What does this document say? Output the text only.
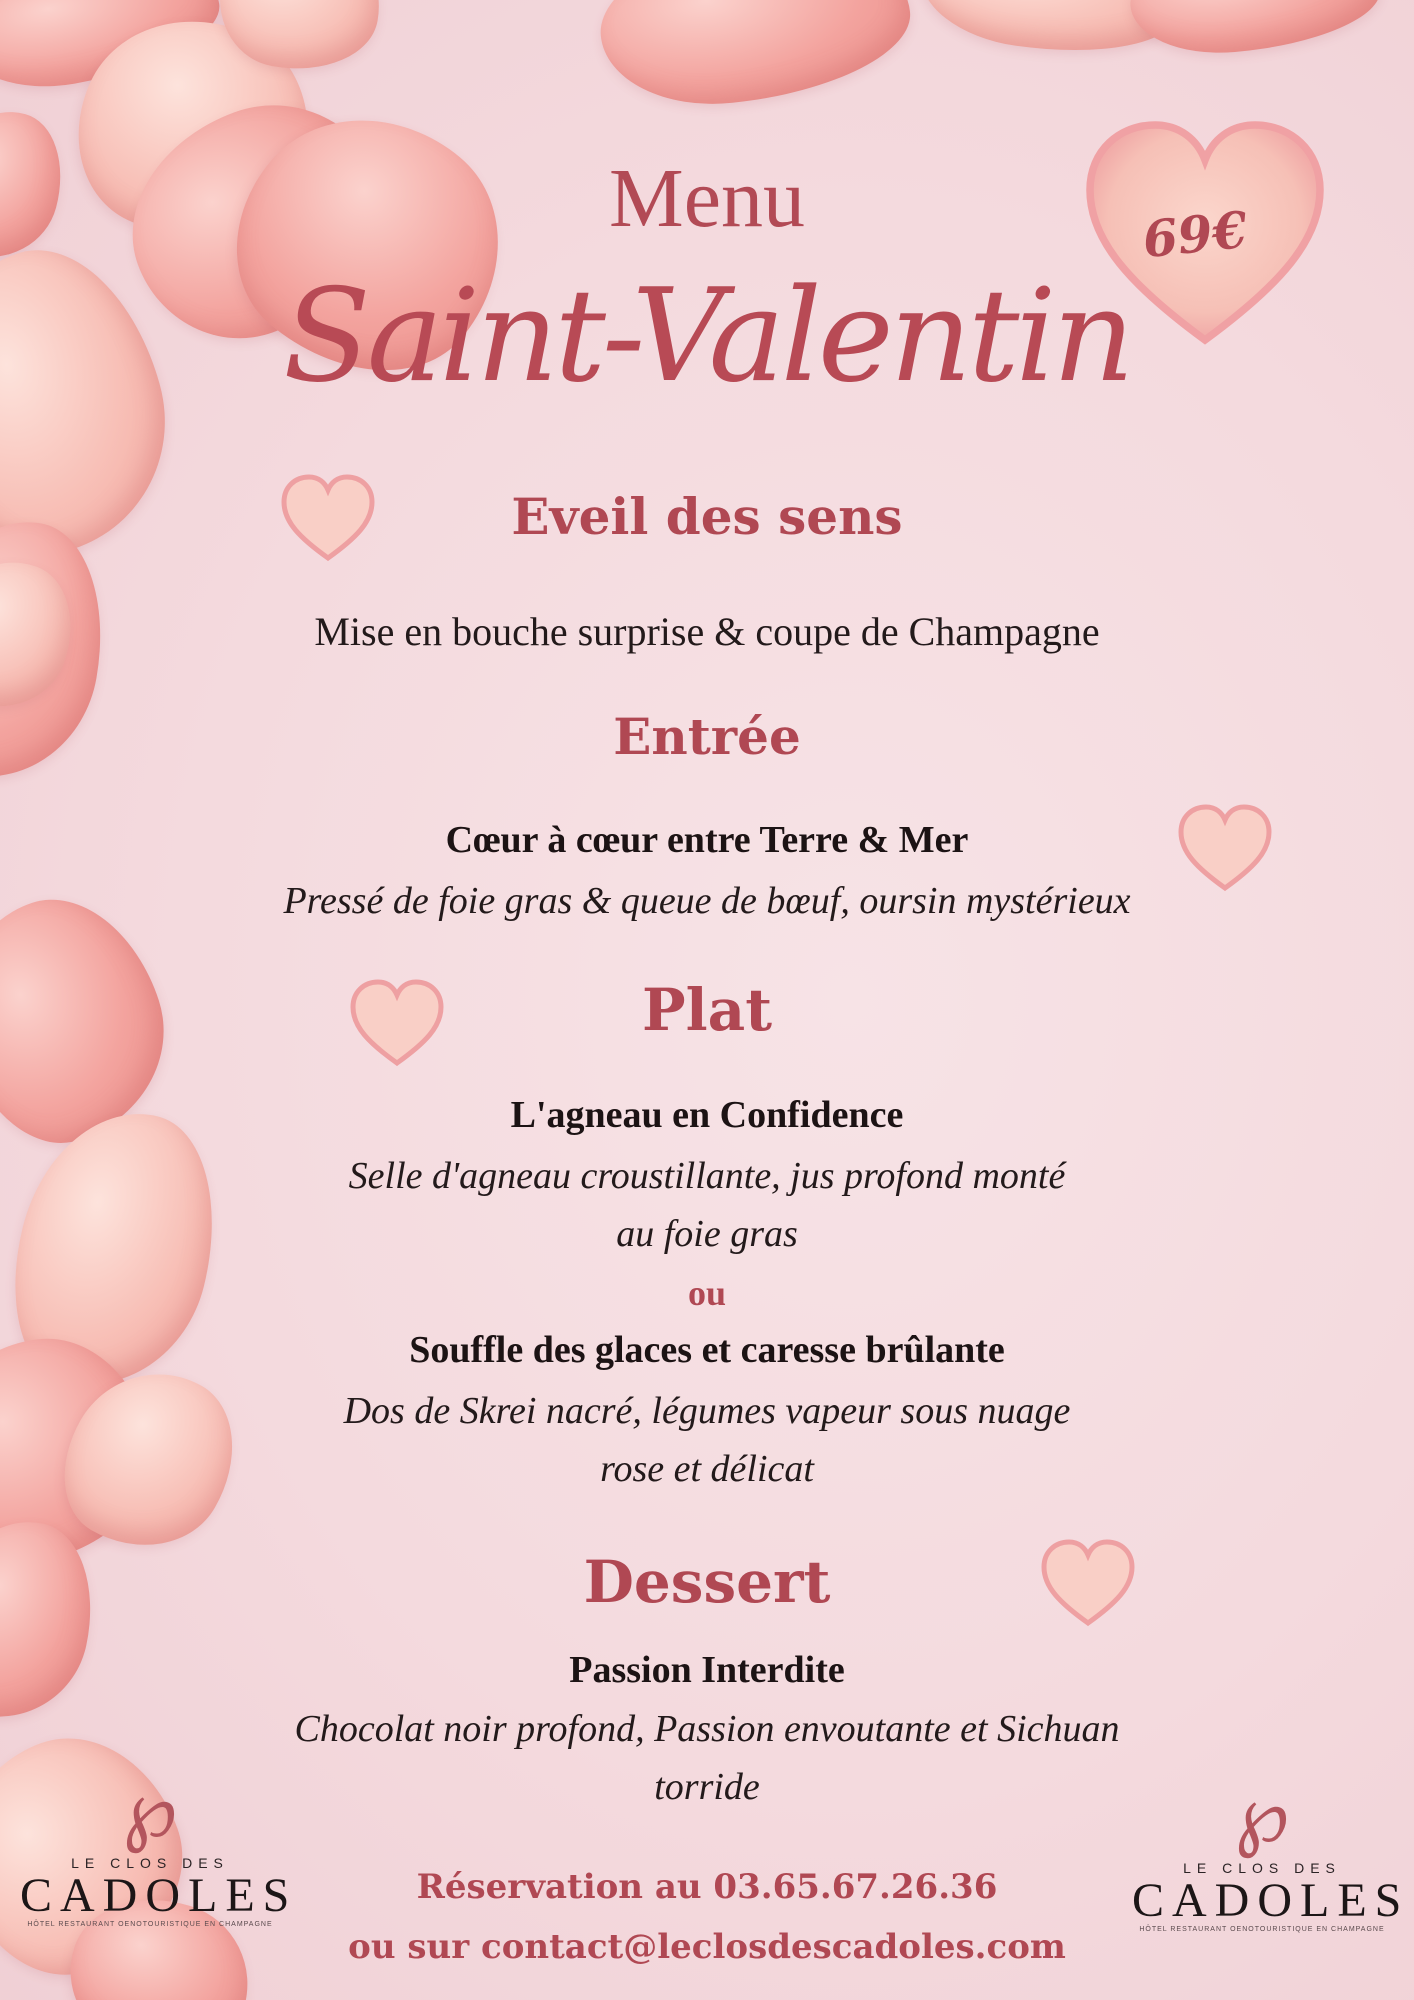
69€
Menu
Saint-Valentin
Eveil des sens
Mise en bouche surprise & coupe de Champagne
Entrée
Cœur à cœur entre Terre & Mer
Pressé de foie gras & queue de bœuf, oursin mystérieux
Plat
L'agneau en Confidence
Selle d'agneau croustillante, jus profond monté
au foie gras
ou
Souffle des glaces et caresse brûlante
Dos de Skrei nacré, légumes vapeur sous nuage
rose et délicat
Dessert
Passion Interdite
Chocolat noir profond, Passion envoutante et Sichuan
torride
Réservation au 03.65.67.26.36
ou sur contact@leclosdescadoles.com
℘
LE CLOS DES
CADOLES
HÔTEL RESTAURANT OENOTOURISTIQUE EN CHAMPAGNE
℘
LE CLOS DES
CADOLES
HÔTEL RESTAURANT OENOTOURISTIQUE EN CHAMPAGNE
